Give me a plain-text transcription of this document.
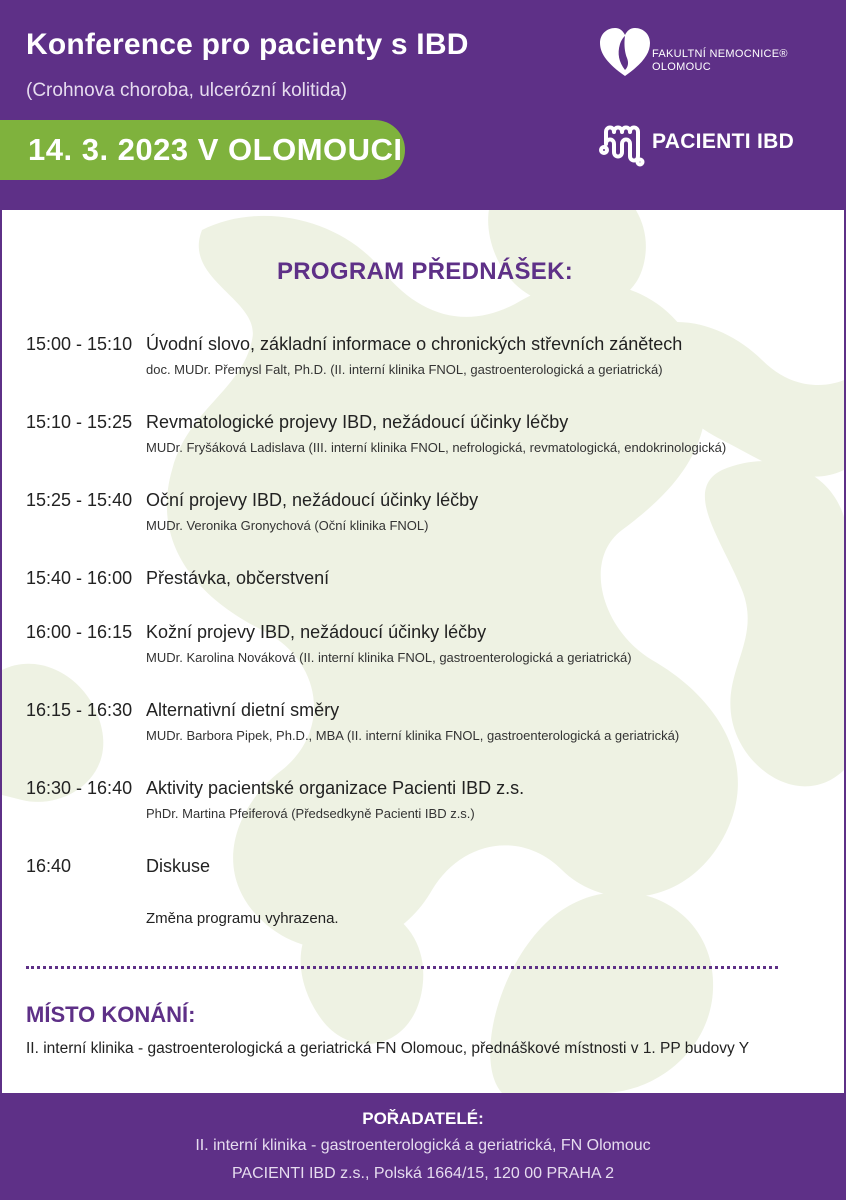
Konference pro pacienty s IBD
(Crohnova choroba, ulcerózní kolitida)
14. 3. 2023 V OLOMOUCI
FAKULTNÍ NEMOCNICE®
OLOMOUC
PACIENTI IBD
PROGRAM PŘEDNÁŠEK:
15:00 - 15:10 Úvodní slovo, základní informace o chronických střevních zánětech
doc. MUDr. Přemysl Falt, Ph.D. (II. interní klinika FNOL, gastroenterologická a geriatrická)
15:10 - 15:25 Revmatologické projevy IBD, nežádoucí účinky léčby
MUDr. Fryšáková Ladislava (III. interní klinika FNOL, nefrologická, revmatologická, endokrinologická)
15:25 - 15:40 Oční projevy IBD, nežádoucí účinky léčby
MUDr. Veronika Gronychová (Oční klinika FNOL)
15:40 - 16:00 Přestávka, občerstvení
16:00 - 16:15 Kožní projevy IBD, nežádoucí účinky léčby
MUDr. Karolina Nováková (II. interní klinika FNOL, gastroenterologická a geriatrická)
16:15 - 16:30 Alternativní dietní směry
MUDr. Barbora Pipek, Ph.D., MBA (II. interní klinika FNOL, gastroenterologická a geriatrická)
16:30 - 16:40 Aktivity pacientské organizace Pacienti IBD z.s.
PhDr. Martina Pfeiferová (Předsedkyně Pacienti IBD z.s.)
16:40	Diskuse
Změna programu vyhrazena.
MÍSTO KONÁNÍ:
II. interní klinika - gastroenterologická a geriatrická FN Olomouc, přednáškové místnosti v 1. PP budovy Y
POŘADATELÉ:
II. interní klinika - gastroenterologická a geriatrická, FN Olomouc
PACIENTI IBD z.s., Polská 1664/15, 120 00 PRAHA 2
